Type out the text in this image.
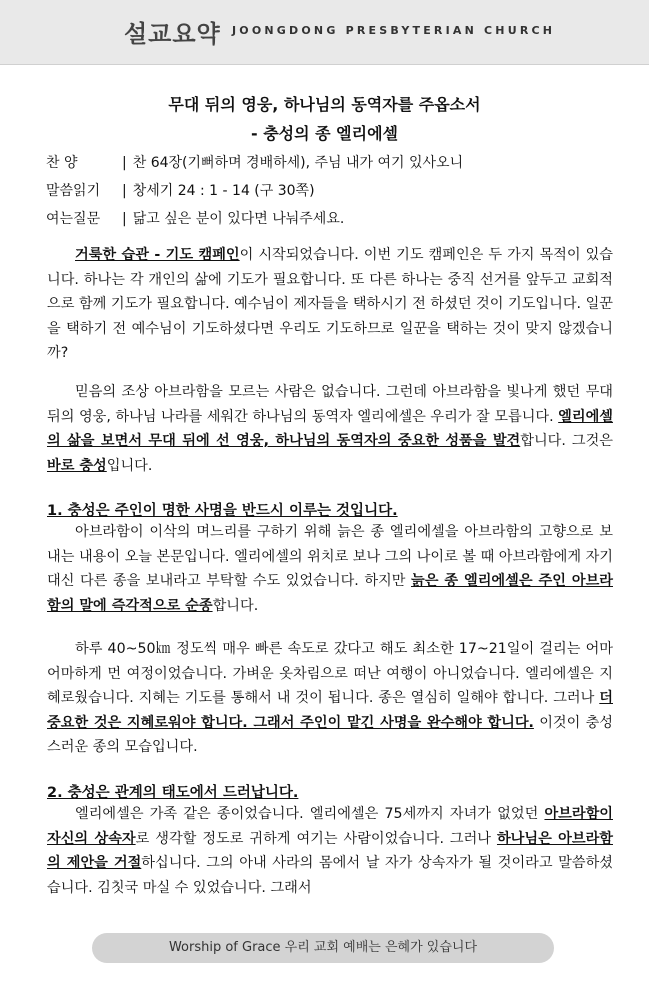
설교요약 JOONGDONG PRESBYTERIAN CHURCH
무대 뒤의 영웅, 하나님의 동역자를 주옵소서
- 충성의 종 엘리에셀
찬 양	| 찬 64장(기뻐하며 경배하세), 주님 내가 여기 있사오니
말씀읽기 | 창세기 24 : 1 - 14 (구 30쪽)
여는질문 | 닮고 싶은 분이 있다면 나눠주세요.
거룩한 습관 - 기도 캠페인이 시작되었습니다. 이번 기도 캠페인은 두 가지 목적이 있습니다. 하나는 각 개인의 삶에 기도가 필요합니다. 또 다른 하나는 중직 선거를 앞두고 교회적으로 함께 기도가 필요합니다. 예수님이 제자들을 택하시기 전 하셨던 것이 기도입니다. 일꾼을 택하기 전 예수님이 기도하셨다면 우리도 기도하므로 일꾼을 택하는 것이 맞지 않겠습니까?
믿음의 조상 아브라함을 모르는 사람은 없습니다. 그런데 아브라함을 빛나게 했던 무대 뒤의 영웅, 하나님 나라를 세워간 하나님의 동역자 엘리에셀은 우리가 잘 모릅니다. 엘리에셀의 삶을 보면서 무대 뒤에 선 영웅, 하나님의 동역자의 중요한 성품을 발견합니다. 그것은 바로 충성입니다.
1. 충성은 주인이 명한 사명을 반드시 이루는 것입니다.
아브라함이 이삭의 며느리를 구하기 위해 늙은 종 엘리에셀을 아브라함의 고향으로 보내는 내용이 오늘 본문입니다. 엘리에셀의 위치로 보나 그의 나이로 볼 때 아브라함에게 자기 대신 다른 종을 보내라고 부탁할 수도 있었습니다. 하지만 늙은 종 엘리에셀은 주인 아브라함의 말에 즉각적으로 순종합니다.
하루 40~50㎞ 정도씩 매우 빠른 속도로 갔다고 해도 최소한 17~21일이 걸리는 어마어마하게 먼 여정이었습니다. 가벼운 옷차림으로 떠난 여행이 아니었습니다. 엘리에셀은 지혜로웠습니다. 지혜는 기도를 통해서 내 것이 됩니다. 종은 열심히 일해야 합니다. 그러나 더 중요한 것은 지혜로워야 합니다. 그래서 주인이 맡긴 사명을 완수해야 합니다. 이것이 충성스러운 종의 모습입니다.
2. 충성은 관계의 태도에서 드러납니다.
엘리에셀은 가족 같은 종이었습니다. 엘리에셀은 75세까지 자녀가 없었던 아브라함이 자신의 상속자로 생각할 정도로 귀하게 여기는 사람이었습니다. 그러나 하나님은 아브라함의 제안을 거절하십니다. 그의 아내 사라의 몸에서 날 자가 상속자가 될 것이라고 말씀하셨습니다. 김칫국 마실 수 있었습니다. 그래서
Worship of Grace 우리 교회 예배는 은혜가 있습니다
